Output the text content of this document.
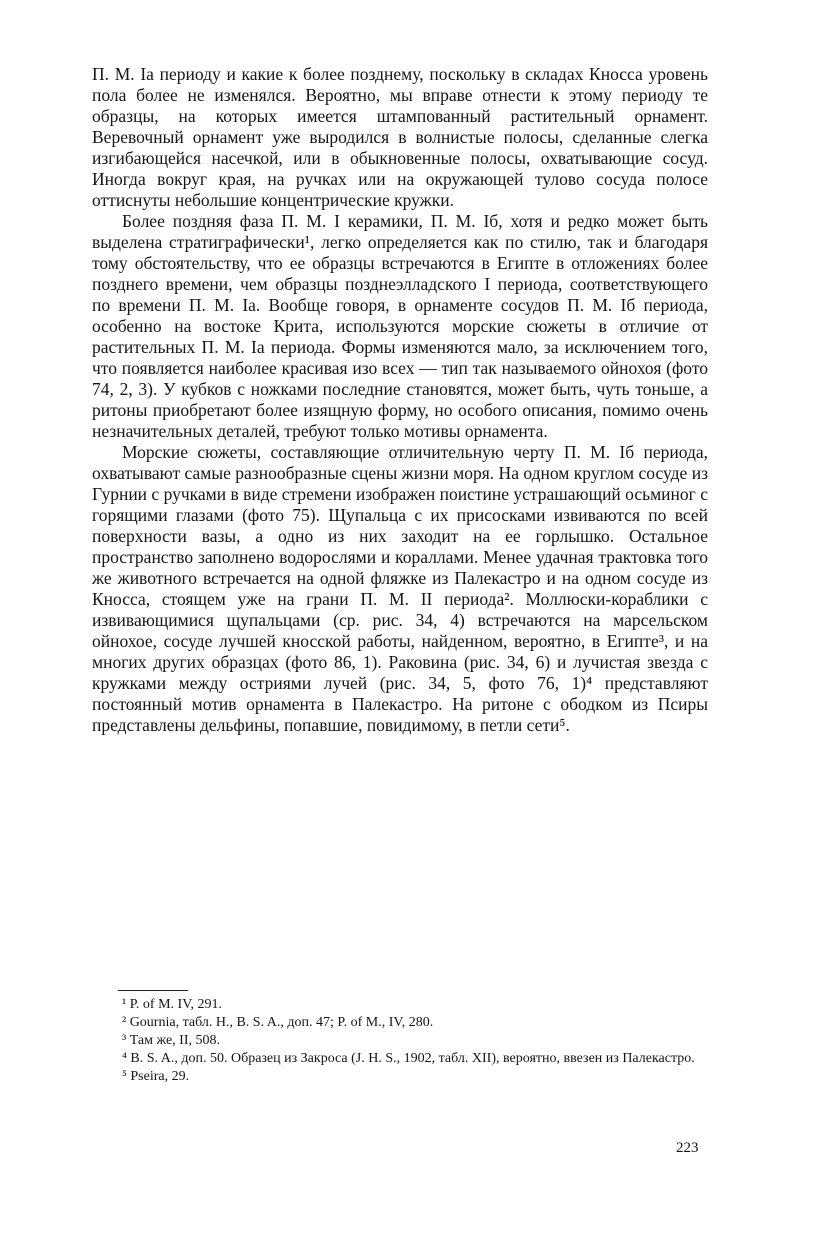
П. М. Iа периоду и какие к более позднему, поскольку в складах Кносса уровень пола более не изменялся. Вероятно, мы вправе отнести к этому периоду те образцы, на которых имеется штампованный растительный орнамент. Веревочный орнамент уже выродился в волнистые полосы, сделанные слегка изгибающейся насечкой, или в обыкновенные полосы, охватывающие сосуд. Иногда вокруг края, на ручках или на окружающей тулово сосуда полосе оттиснуты небольшие концентрические кружки.

Более поздняя фаза П. М. I керамики, П. М. Iб, хотя и редко может быть выделена стратиграфически¹, легко определяется как по стилю, так и благодаря тому обстоятельству, что ее образцы встречаются в Египте в отложениях более позднего времени, чем образцы позднеэлладского I периода, соответствующего по времени П. М. Iа. Вообще говоря, в орнаменте сосудов П. М. Iб периода, особенно на востоке Крита, используются морские сюжеты в отличие от растительных П. М. Iа периода. Формы изменяются мало, за исключением того, что появляется наиболее красивая изо всех — тип так называемого ойнохоя (фото 74, 2, 3). У кубков с ножками последние становятся, может быть, чуть тоньше, а ритоны приобретают более изящную форму, но особого описания, помимо очень незначительных деталей, требуют только мотивы орнамента.

Морские сюжеты, составляющие отличительную черту П. М. Iб периода, охватывают самые разнообразные сцены жизни моря. На одном круглом сосуде из Гурнии с ручками в виде стремени изображен поистине устрашающий осьминог с горящими глазами (фото 75). Щупальца с их присосками извиваются по всей поверхности вазы, а одно из них заходит на ее горлышко. Остальное пространство заполнено водорослями и кораллами. Менее удачная трактовка того же животного встречается на одной фляжке из Палекастро и на одном сосуде из Кносса, стоящем уже на грани П. М. II периода². Моллюски-кораблики с извивающимися щупальцами (ср. рис. 34, 4) встречаются на марсельском ойнохое, сосуде лучшей кносской работы, найденном, вероятно, в Египте³, и на многих других образцах (фото 86, 1). Раковина (рис. 34, 6) и лучистая звезда с кружками между остриями лучей (рис. 34, 5, фото 76, 1)⁴ представляют постоянный мотив орнамента в Палекастро. На ритоне с ободком из Псиры представлены дельфины, попавшие, повидимому, в петли сети⁵.

¹ P. of M. IV, 291.

² Gournia, табл. H., B. S. A., доп. 47; P. of M., IV, 280.

³ Там же, II, 508.

⁴ B. S. A., доп. 50. Образец из Закроса (J. H. S., 1902, табл. XII), вероятно, ввезен из Палекастро.

⁵ Pseira, 29.

223
